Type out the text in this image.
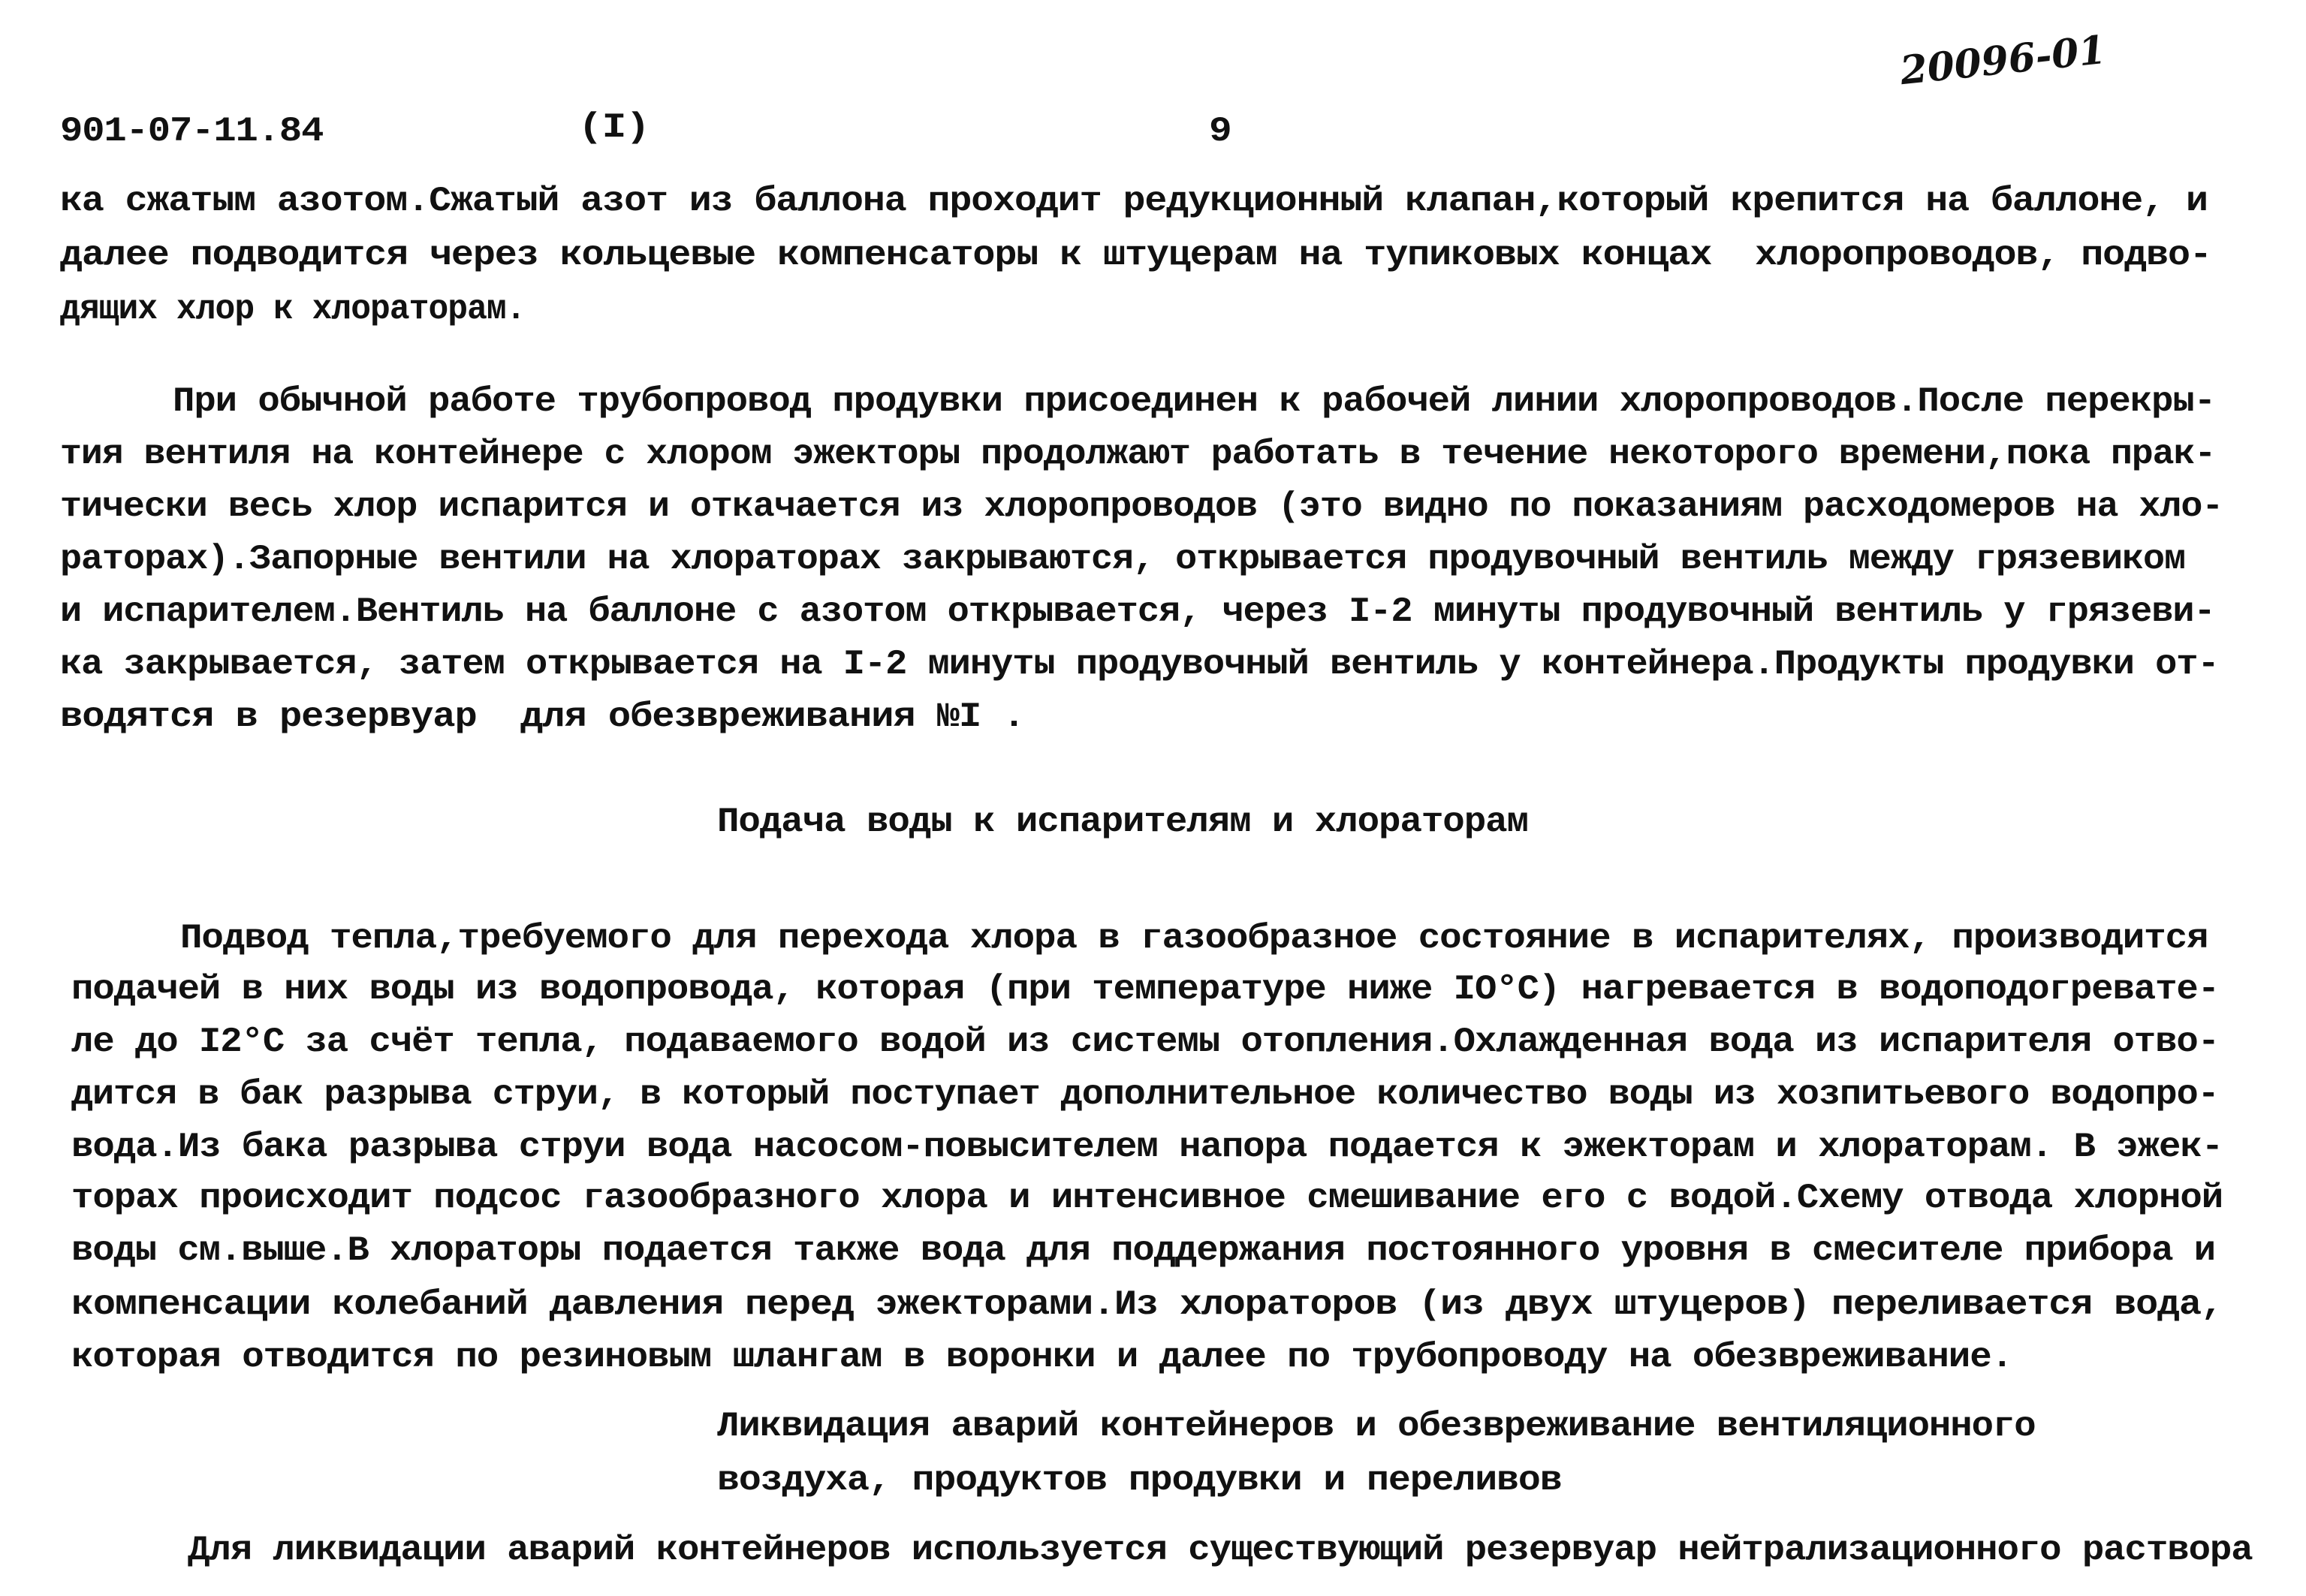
20096-01
901-07-11.84	(I)	9
ка сжатым азотом.Сжатый азот из баллона проходит редукционный клапан,который крепится на баллоне, и
далее подводится через кольцевые компенсаторы к штуцерам на тупиковых концах  хлоропроводов, подво-
дящих хлор к хлораторам.
При обычной работе трубопровод продувки присоединен к рабочей линии хлоропроводов.После перекры-
тия вентиля на контейнере с хлором эжекторы продолжают работать в течение некоторого времени,пока прак-
тически весь хлор испарится и откачается из хлоропроводов (это видно по показаниям расходомеров на хло-
раторах).Запорные вентили на хлораторах закрываются, открывается продувочный вентиль между грязевиком
и испарителем.Вентиль на баллоне с азотом открывается, через I-2 минуты продувочный вентиль у грязеви-
ка закрывается, затем открывается на I-2 минуты продувочный вентиль у контейнера.Продукты продувки от-
водятся в резервуар  для обезвреживания №I .
Подача воды к испарителям и хлораторам
Подвод тепла,требуемого для перехода хлора в газообразное состояние в испарителях, производится
подачей в них воды из водопровода, которая (при температуре ниже IO°C) нагревается в водоподогревате-
ле до I2°C за счёт тепла, подаваемого водой из системы отопления.Охлажденная вода из испарителя отво-
дится в бак разрыва струи, в который поступает дополнительное количество воды из хозпитьевого водопро-
вода.Из бака разрыва струи вода насосом-повысителем напора подается к эжекторам и хлораторам. В эжек-
торах происходит подсос газообразного хлора и интенсивное смешивание его с водой.Схему отвода хлорной
воды см.выше.В хлораторы подается также вода для поддержания постоянного уровня в смесителе прибора и
компенсации колебаний давления перед эжекторами.Из хлораторов (из двух штуцеров) переливается вода,
которая отводится по резиновым шлангам в воронки и далее по трубопроводу на обезвреживание.
Ликвидация аварий контейнеров и обезвреживание вентиляционного
воздуха, продуктов продувки и переливов
Для ликвидации аварий контейнеров используется существующий резервуар нейтрализационного раствора
